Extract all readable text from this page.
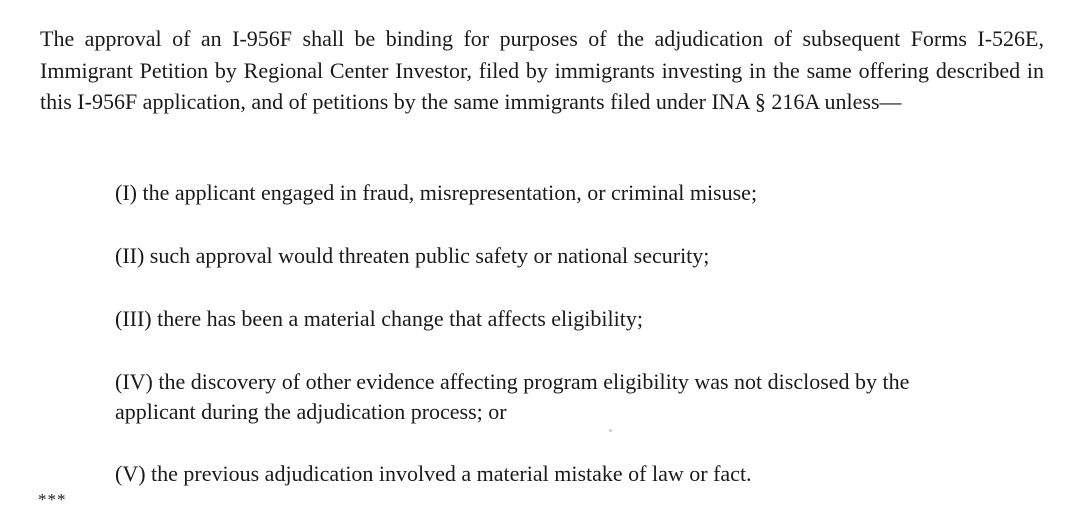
The approval of an I-956F shall be binding for purposes of the adjudication of subsequent Forms I-526E, Immigrant Petition by Regional Center Investor, filed by immigrants investing in the same offering described in this I-956F application, and of petitions by the same immigrants filed under INA § 216A unless—

(I) the applicant engaged in fraud, misrepresentation, or criminal misuse;

(II) such approval would threaten public safety or national security;

(III) there has been a material change that affects eligibility;

(IV) the discovery of other evidence affecting program eligibility was not disclosed by the applicant during the adjudication process; or

(V) the previous adjudication involved a material mistake of law or fact.

***
